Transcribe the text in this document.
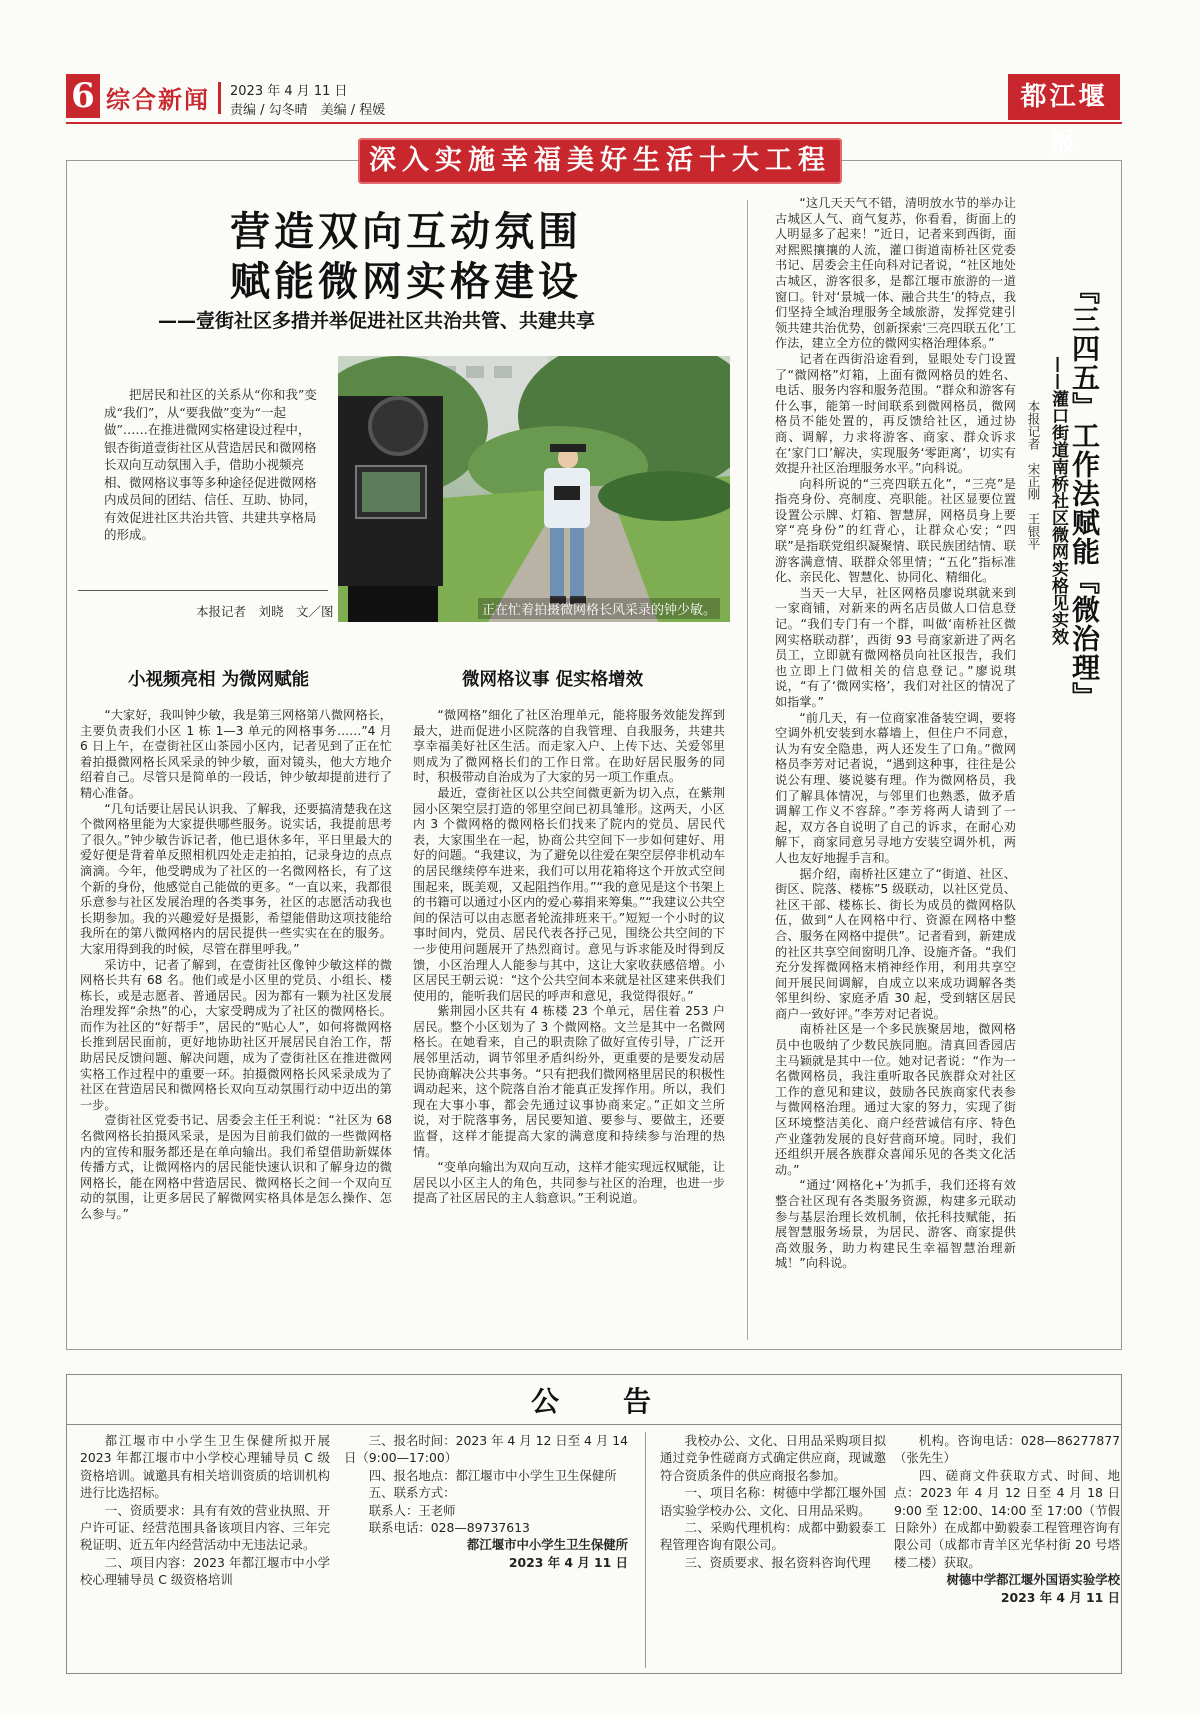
6 综合新闻 2023 年 4 月 11 日
责编 / 勾冬晴　美编 / 程媛	都江堰报
深入实施幸福美好生活十大工程
营造双向互动氛围
赋能微网实格建设
——壹街社区多措并举促进社区共治共管、共建共享
把居民和社区的关系从“你和我”变成“我们”，从“要我做”变为“一起做”……在推进微网实格建设过程中，银杏街道壹街社区从营造居民和微网格长双向互动氛围入手，借助小视频亮相、微网格议事等多种途径促进微网格内成员间的团结、信任、互助、协同，有效促进社区共治共管、共建共享格局的形成。
本报记者　刘晓　文／图	正在忙着拍摄微网格长风采录的钟少敏。
小视频亮相 为微网赋能	微网格议事 促实格增效

“大家好，我叫钟少敏，我是第三网格第八微网格长，主要负责我们小区 1 栋 1—3 单元的网格事务……”4 月 6 日上午，在壹街社区山茶园小区内，记者见到了正在忙着拍摄微网格长风采录的钟少敏，面对镜头，他大方地介绍着自己。尽管只是简单的一段话，钟少敏却提前进行了精心准备。

“几句话要让居民认识我、了解我，还要搞清楚我在这个微网格里能为大家提供哪些服务。说实话，我提前思考了很久。”钟少敏告诉记者，他已退休多年，平日里最大的爱好便是背着单反照相机四处走走拍拍，记录身边的点点滴滴。今年，他受聘成为了社区的一名微网格长，有了这个新的身份，他感觉自己能做的更多。“一直以来，我都很乐意参与社区发展治理的各类事务，社区的志愿活动我也长期参加。我的兴趣爱好是摄影，希望能借助这项技能给我所在的第八微网格内的居民提供一些实实在在的服务。大家用得到我的时候，尽管在群里呼我。”

采访中，记者了解到，在壹街社区像钟少敏这样的微网格长共有 68 名。他们或是小区里的党员、小组长、楼栋长，或是志愿者、普通居民。因为都有一颗为社区发展治理发挥“余热”的心，大家受聘成为了社区的微网格长。而作为社区的“好帮手”，居民的“贴心人”，如何将微网格长推到居民面前，更好地协助社区开展居民自治工作，帮助居民反馈问题、解决问题，成为了壹街社区在推进微网实格工作过程中的重要一环。拍摄微网格长风采录成为了社区在营造居民和微网格长双向互动氛围行动中迈出的第一步。

壹街社区党委书记、居委会主任王利说：“社区为 68 名微网格长拍摄风采录，是因为目前我们做的一些微网格内的宣传和服务都还是在单向输出。我们希望借助新媒体传播方式，让微网格内的居民能快速认识和了解身边的微网格长，能在网格中营造居民、微网格长之间一个双向互动的氛围，让更多居民了解微网实格具体是怎么操作、怎么参与。”

“微网格”细化了社区治理单元，能将服务效能发挥到最大，进而促进小区院落的自我管理、自我服务，共建共享幸福美好社区生活。而走家入户、上传下达、关爱邻里则成为了微网格长们的工作日常。在助好居民服务的同时，积极带动自治成为了大家的另一项工作重点。

最近，壹街社区以公共空间微更新为切入点，在紫荆园小区架空层打造的邻里空间已初具雏形。这两天，小区内 3 个微网格的微网格长们找来了院内的党员、居民代表，大家围坐在一起，协商公共空间下一步如何建好、用好的问题。“我建议，为了避免以往爱在架空层停非机动车的居民继续停车进来，我们可以用花箱将这个开放式空间围起来，既美观，又起阻挡作用。”“我的意见是这个书架上的书籍可以通过小区内的爱心募捐来筹集。”“我建议公共空间的保洁可以由志愿者轮流排班来干。”短短一个小时的议事时间内，党员、居民代表各抒己见，围绕公共空间的下一步使用问题展开了热烈商讨。意见与诉求能及时得到反馈，小区治理人人能参与其中，这让大家收获感倍增。小区居民王朝云说：“这个公共空间本来就是社区建来供我们使用的，能听我们居民的呼声和意见，我觉得很好。”

紫荆园小区共有 4 栋楼 23 个单元，居住着 253 户居民。整个小区划为了 3 个微网格。文兰是其中一名微网格长。在她看来，自己的职责除了做好宣传引导，广泛开展邻里活动，调节邻里矛盾纠纷外，更重要的是要发动居民协商解决公共事务。“只有把我们微网格里居民的积极性调动起来，这个院落自治才能真正发挥作用。所以，我们现在大事小事，都会先通过议事协商来定。”正如文兰所说，对于院落事务，居民要知道、要参与、要做主，还要监督，这样才能提高大家的满意度和持续参与治理的热情。

“变单向输出为双向互动，这样才能实现远权赋能，让居民以小区主人的角色，共同参与社区的治理，也进一步提高了社区居民的主人翁意识。”王利说道。

“这几天天气不错，清明放水节的举办让古城区人气、商气复苏，你看看，街面上的人明显多了起来！”近日，记者来到西街，面对熙熙攘攘的人流，灌口街道南桥社区党委书记、居委会主任向科对记者说，“社区地处古城区，游客很多，是都江堰市旅游的一道窗口。针对‘景城一体、融合共生’的特点，我们坚持全域治理服务全域旅游，发挥党建引领共建共治优势，创新探索‘三亮四联五化’工作法，建立全方位的微网实格治理体系。”

记者在西街沿途看到，显眼处专门设置了“微网格”灯箱，上面有微网格员的姓名、电话、服务内容和服务范围。“群众和游客有什么事，能第一时间联系到微网格员，微网格员不能处置的，再反馈给社区，通过协商、调解，力求将游客、商家、群众诉求在‘家门口’解决，实现服务‘零距离’，切实有效提升社区治理服务水平。”向科说。

向科所说的“三亮四联五化”，“三亮”是指亮身份、亮制度、亮职能。社区显要位置设置公示牌、灯箱、智慧屏，网格员身上要穿“亮身份”的红背心，让群众心安；“四联”是指联党组织凝聚情、联民族团结情、联游客满意情、联群众邻里情；“五化”指标准化、亲民化、智慧化、协同化、精细化。

当天一大早，社区网格员廖说琪就来到一家商铺，对新来的两名店员做人口信息登记。“我们专门有一个群，叫做‘南桥社区微网实格联动群’，西街 93 号商家新进了两名员工，立即就有微网格员向社区报告，我们也立即上门做相关的信息登记。”廖说琪说，“有了‘微网实格’，我们对社区的情况了如指掌。”

“前几天，有一位商家准备装空调，要将空调外机安装到水幕墙上，但住户不同意，认为有安全隐患，两人还发生了口角。”微网格员李芳对记者说，“遇到这种事，往往是公说公有理、婆说婆有理。作为微网格员，我们了解具体情况，与邻里们也熟悉，做矛盾调解工作义不容辞。”李芳将两人请到了一起，双方各自说明了自己的诉求，在耐心劝解下，商家同意另寻地方安装空调外机，两人也友好地握手言和。

据介绍，南桥社区建立了“街道、社区、街区、院落、楼栋”5 级联动，以社区党员、社区干部、楼栋长、街长为成员的微网格队伍，做到“人在网格中行、资源在网格中整合、服务在网格中提供”。记者看到，新建成的社区共享空间窗明几净、设施齐备。“我们充分发挥微网格末梢神经作用，利用共享空间开展民间调解，自成立以来成功调解各类邻里纠纷、家庭矛盾 30 起，受到辖区居民商户一致好评。”李芳对记者说。

南桥社区是一个多民族聚居地，微网格员中也吸纳了少数民族同胞。清真回香园店主马颖就是其中一位。她对记者说：“作为一名微网格员，我注重听取各民族群众对社区工作的意见和建议，鼓励各民族商家代表参与微网格治理。通过大家的努力，实现了街区环境整洁美化、商户经营诚信有序、特色产业蓬勃发展的良好营商环境。同时，我们还组织开展各族群众喜闻乐见的各类文化活动。”

“通过‘网格化+’为抓手，我们还将有效整合社区现有各类服务资源，构建多元联动参与基层治理长效机制，依托科技赋能，拓展智慧服务场景，为居民、游客、商家提供高效服务，助力构建民生幸福智慧治理新城！”向科说。

『三四五』工作法赋能『微治理』
——灌口街道南桥社区微网实格见实效
本报记者　宋正刚　王银平
公　告

都江堰市中小学生卫生保健所拟开展 2023 年都江堰市中小学校心理辅导员 C 级资格培训。诚邀具有相关培训资质的培训机构进行比选招标。

一、资质要求：具有有效的营业执照、开户许可证、经营范围具备该项目内容、三年完税证明、近五年内经营活动中无违法记录。

二、项目内容：2023 年都江堰市中小学校心理辅导员 C 级资格培训

三、报名时间：2023 年 4 月 12 日至 4 月 14 日（9:00—17:00）

四、报名地点：都江堰市中小学生卫生保健所

五、联系方式：

联系人：王老师

联系电话：028—89737613

都江堰市中小学生卫生保健所

2023 年 4 月 11 日

我校办公、文化、日用品采购项目拟通过竞争性磋商方式确定供应商，现诚邀符合资质条件的供应商报名参加。

一、项目名称：树德中学都江堰外国语实验学校办公、文化、日用品采购。

二、采购代理机构：成都中勤毅泰工程管理咨询有限公司。

三、资质要求、报名资料咨询代理

机构。咨询电话：028—86277877（张先生）

四、磋商文件获取方式、时间、地点：2023 年 4 月 12 日至 4 月 18 日 9:00 至 12:00、14:00 至 17:00（节假日除外）在成都中勤毅泰工程管理咨询有限公司（成都市青羊区光华村街 20 号塔楼二楼）获取。

树德中学都江堰外国语实验学校

2023 年 4 月 11 日
